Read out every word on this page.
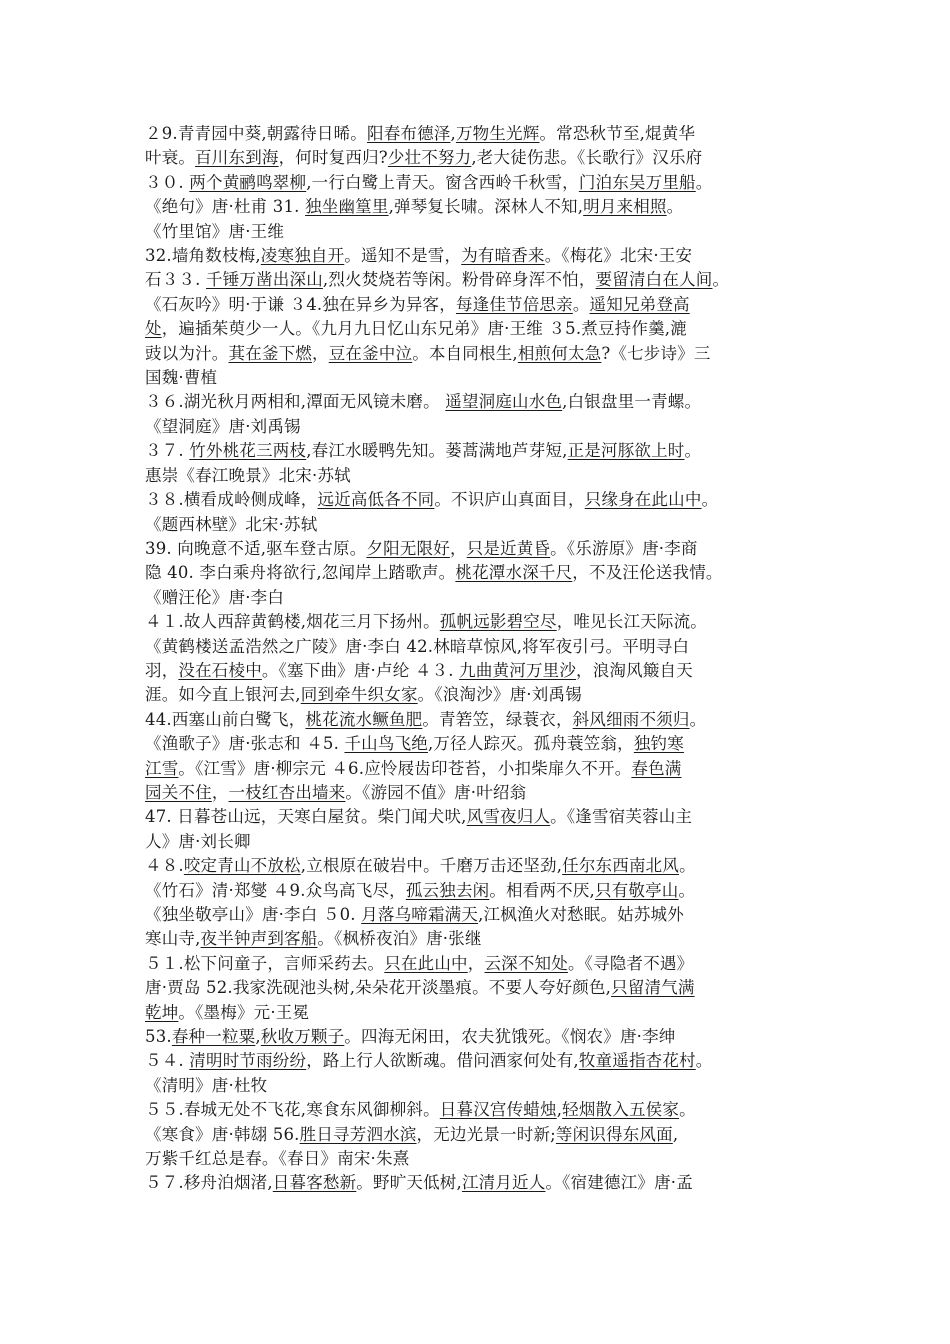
２9.青青园中葵,朝露待日晞。阳春布德泽,万物生光辉。常恐秋节至,焜黄华

叶衰。百川东到海，何时复西归?少壮不努力,老大徒伤悲。《长歌行》汉乐府

３０. 两个黄鹂鸣翠柳,一行白鹭上青天。窗含西岭千秋雪，门泊东吴万里船。

《绝句》唐·杜甫 31. 独坐幽篁里,弹琴复长啸。深林人不知,明月来相照。

《竹里馆》唐·王维

32.墙角数枝梅,凌寒独自开。遥知不是雪，为有暗香来。《梅花》北宋·王安

石３３. 千锤万凿出深山,烈火焚烧若等闲。粉骨碎身浑不怕，要留清白在人间。

《石灰吟》明·于谦 ３4.独在异乡为异客，每逢佳节倍思亲。遥知兄弟登高

处，遍插茱萸少一人。《九月九日忆山东兄弟》唐·王维 ３5.煮豆持作羹,漉

豉以为汁。萁在釜下燃，豆在釜中泣。本自同根生,相煎何太急?《七步诗》三

国魏·曹植

３６.湖光秋月两相和,潭面无风镜未磨。 遥望洞庭山水色,白银盘里一青螺。

《望洞庭》唐·刘禹锡

３７. 竹外桃花三两枝,春江水暖鸭先知。蒌蒿满地芦芽短,正是河豚欲上时。

惠崇《春江晚景》北宋·苏轼

３８.横看成岭侧成峰，远近高低各不同。不识庐山真面目，只缘身在此山中。

《题西林壁》北宋·苏轼

39. 向晚意不适,驱车登古原。夕阳无限好，只是近黄昏。《乐游原》唐·李商

隐 40. 李白乘舟将欲行,忽闻岸上踏歌声。桃花潭水深千尺，不及汪伦送我情。

《赠汪伦》唐·李白

４１.故人西辞黄鹤楼,烟花三月下扬州。孤帆远影碧空尽，唯见长江天际流。

《黄鹤楼送孟浩然之广陵》唐·李白 42.林暗草惊风,将军夜引弓。平明寻白

羽，没在石棱中。《塞下曲》唐·卢纶 ４３. 九曲黄河万里沙，浪淘风簸自天

涯。如今直上银河去,同到牵牛织女家。《浪淘沙》唐·刘禹锡

44.西塞山前白鹭飞，桃花流水鳜鱼肥。青箬笠，绿蓑衣，斜风细雨不须归。

《渔歌子》唐·张志和 ４5. 千山鸟飞绝,万径人踪灭。孤舟蓑笠翁，独钓寒

江雪。《江雪》唐·柳宗元 ４6.应怜屐齿印苍苔，小扣柴扉久不开。春色满

园关不住，一枝红杏出墙来。《游园不值》唐·叶绍翁

47. 日暮苍山远，天寒白屋贫。柴门闻犬吠,风雪夜归人。《逢雪宿芙蓉山主

人》唐·刘长卿

４８.咬定青山不放松,立根原在破岩中。千磨万击还坚劲,任尔东西南北风。

《竹石》清·郑燮 ４9.众鸟高飞尽，孤云独去闲。相看两不厌,只有敬亭山。

《独坐敬亭山》唐·李白 ５0. 月落乌啼霜满天,江枫渔火对愁眠。姑苏城外

寒山寺,夜半钟声到客船。《枫桥夜泊》唐·张继

５１.松下问童子，言师采药去。只在此山中，云深不知处。《寻隐者不遇》

唐·贾岛 52.我家洗砚池头树,朵朵花开淡墨痕。不要人夸好颜色,只留清气满

乾坤。《墨梅》元·王冕

53.春种一粒粟,秋收万颗子。四海无闲田，农夫犹饿死。《悯农》唐·李绅

５４. 清明时节雨纷纷，路上行人欲断魂。借问酒家何处有,牧童遥指杏花村。

《清明》唐·杜牧

５５.春城无处不飞花,寒食东风御柳斜。日暮汉宫传蜡烛,轻烟散入五侯家。

《寒食》唐·韩翃 56.胜日寻芳泗水滨，无边光景一时新;等闲识得东风面,

万紫千红总是春。《春日》南宋·朱熹

５７.移舟泊烟渚,日暮客愁新。野旷天低树,江清月近人。《宿建德江》唐·孟
